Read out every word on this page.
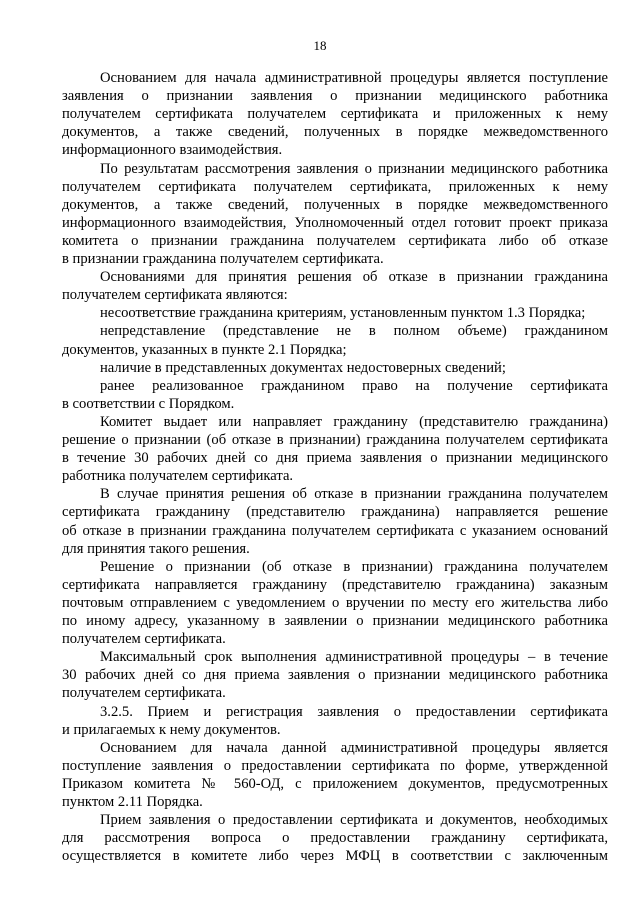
18
Основанием для начала административной процедуры является поступление
заявления о признании заявления о признании медицинского работника
получателем сертификата получателем сертификата и приложенных к нему
документов, а также сведений, полученных в порядке межведомственного
информационного взаимодействия.
По результатам рассмотрения заявления о признании медицинского работника
получателем сертификата получателем сертификата, приложенных к нему
документов, а также сведений, полученных в порядке межведомственного
информационного взаимодействия, Уполномоченный отдел готовит проект приказа
комитета о признании гражданина получателем сертификата либо об отказе
в признании гражданина получателем сертификата.
Основаниями для принятия решения об отказе в признании гражданина
получателем сертификата являются:
несоответствие гражданина критериям, установленным пунктом 1.3 Порядка;
непредставление (представление не в полном объеме) гражданином
документов, указанных в пункте 2.1 Порядка;
наличие в представленных документах недостоверных сведений;
ранее реализованное гражданином право на получение сертификата
в соответствии с Порядком.
Комитет выдает или направляет гражданину (представителю гражданина)
решение о признании (об отказе в признании) гражданина получателем сертификата
в течение 30 рабочих дней со дня приема заявления о признании медицинского
работника получателем сертификата.
В случае принятия решения об отказе в признании гражданина получателем
сертификата гражданину (представителю гражданина) направляется решение
об отказе в признании гражданина получателем сертификата с указанием оснований
для принятия такого решения.
Решение о признании (об отказе в признании) гражданина получателем
сертификата направляется гражданину (представителю гражданина) заказным
почтовым отправлением с уведомлением о вручении по месту его жительства либо
по иному адресу, указанному в заявлении о признании медицинского работника
получателем сертификата.
Максимальный срок выполнения административной процедуры – в течение
30 рабочих дней со дня приема заявления о признании медицинского работника
получателем сертификата.
3.2.5. Прием и регистрация заявления о предоставлении сертификата
и прилагаемых к нему документов.
Основанием для начала данной административной процедуры является
поступление заявления о предоставлении сертификата по форме, утвержденной
Приказом комитета № 560-ОД, с приложением документов, предусмотренных
пунктом 2.11 Порядка.
Прием заявления о предоставлении сертификата и документов, необходимых
для рассмотрения вопроса о предоставлении гражданину сертификата,
осуществляется в комитете либо через МФЦ в соответствии с заключенным
